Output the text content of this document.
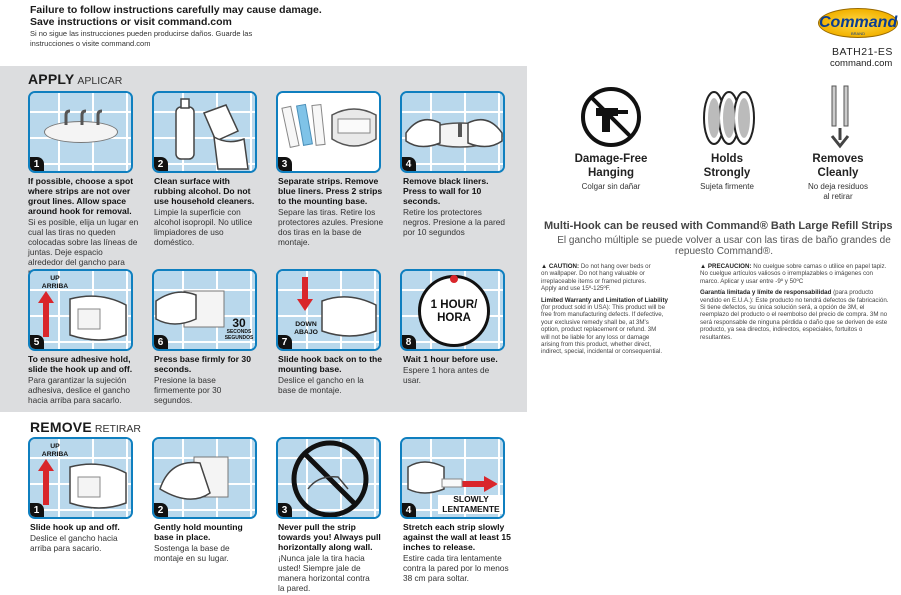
Failure to follow instructions carefully may cause damage.
Save instructions or visit command.com
Si no sigue las instrucciones pueden producirse daños. Guarde las
instrucciones o visite command.com
APPLY APLICAR
1	2	3	4
If possible, choose a spot where strips are not over grout lines. Allow space around hook for removal.
Si es posible, elija un lugar en cual las tiras no queden colocadas sobre las líneas de juntas. Deje espacio alrededor del gancho para
Clean surface with rubbing alcohol. Do not use household cleaners.
Limpie la superficie con alcohol isopropil. No utilice limpiadores de uso doméstico.
Separate strips. Remove blue liners. Press 2 strips to the mounting base.
Separe las tiras. Retire los protectores azules. Presione dos tiras en la base de montaje.
Remove black liners. Press to wall for 10 seconds.
Retire los protectores negros. Presione a la pared por 10 segundos
UP
ARRIBA
5
30
SECONDS
SEGUNDOS
6
DOWN
ABAJO
7
1 HOUR/
HORA
8
To ensure adhesive hold, slide the hook up and off.
Para garantizar la sujeción adhesiva, deslice el gancho hacia arriba para sacarlo.
Press base firmly for 30 seconds.
Presione la base firmemente por 30 segundos.
Slide hook back on to the mounting base.
Deslice el gancho en la base de montaje.
Wait 1 hour before use.
Espere 1 hora antes de usar.
REMOVE RETIRAR
UP
ARRIBA
1	2	3
SLOWLY
LENTAMENTE
4
Slide hook up and off.
Deslice el gancho hacia arriba para sacario.
Gently hold mounting base in place.
Sostenga la base de montaje en su lugar.
Never pull the strip towards you! Always pull horizontally along wall.
¡Nunca jale la tira hacia usted! Siempre jale de manera horizontal contra la pared.
Stretch each strip slowly against the wall at least 15 inches to release.
Estire cada tira lentamente contra la pared por lo menos 38 cm para soltar.
Command
BRAND
BATH21-ES
command.com
Damage-Free
Hanging
Colgar sin dañar
Holds
Strongly
Sujeta firmente
Removes
Cleanly
No deja residuos
al retirar
Multi-Hook can be reused with Command® Bath Large Refill Strips
El gancho múltiple se puede volver a usar con las tiras de baño grandes de
repuesto Command®.
▲ CAUTION: Do not hang over beds or
on wallpaper. Do not hang valuable or
irreplaceable items or framed pictures.
Apply and use 15º-125ºF.
Limited Warranty and Limitation of Liability
(for product sold in USA): This product will be
free from manufacturing defects. If defective,
your exclusive remedy shall be, at 3M's
option, product replacement or refund. 3M
will not be liable for any loss or damage
arising from this product, whether direct,
indirect, special, incidental or consequential.
▲ PRECAUCIÓN: No cuelgue sobre camas o utilice en papel tapiz.
No cuelgue artículos valiosos o irremplazables o imágenes con
marco. Aplicar y usar entre -9º y 50ºC
Garantía limitada y límite de responsabilidad (para producto
vendido en E.U.A.): Este producto no tendrá defectos de fabricación.
Si tiene defectos, su única solución será, a opción de 3M, el
reemplazo del producto o el reembolso del precio de compra. 3M no
será responsable de ninguna pérdida o daño que se deriven de este
producto, ya sea directos, indirectos, especiales, fortuitos o
resultantes.
